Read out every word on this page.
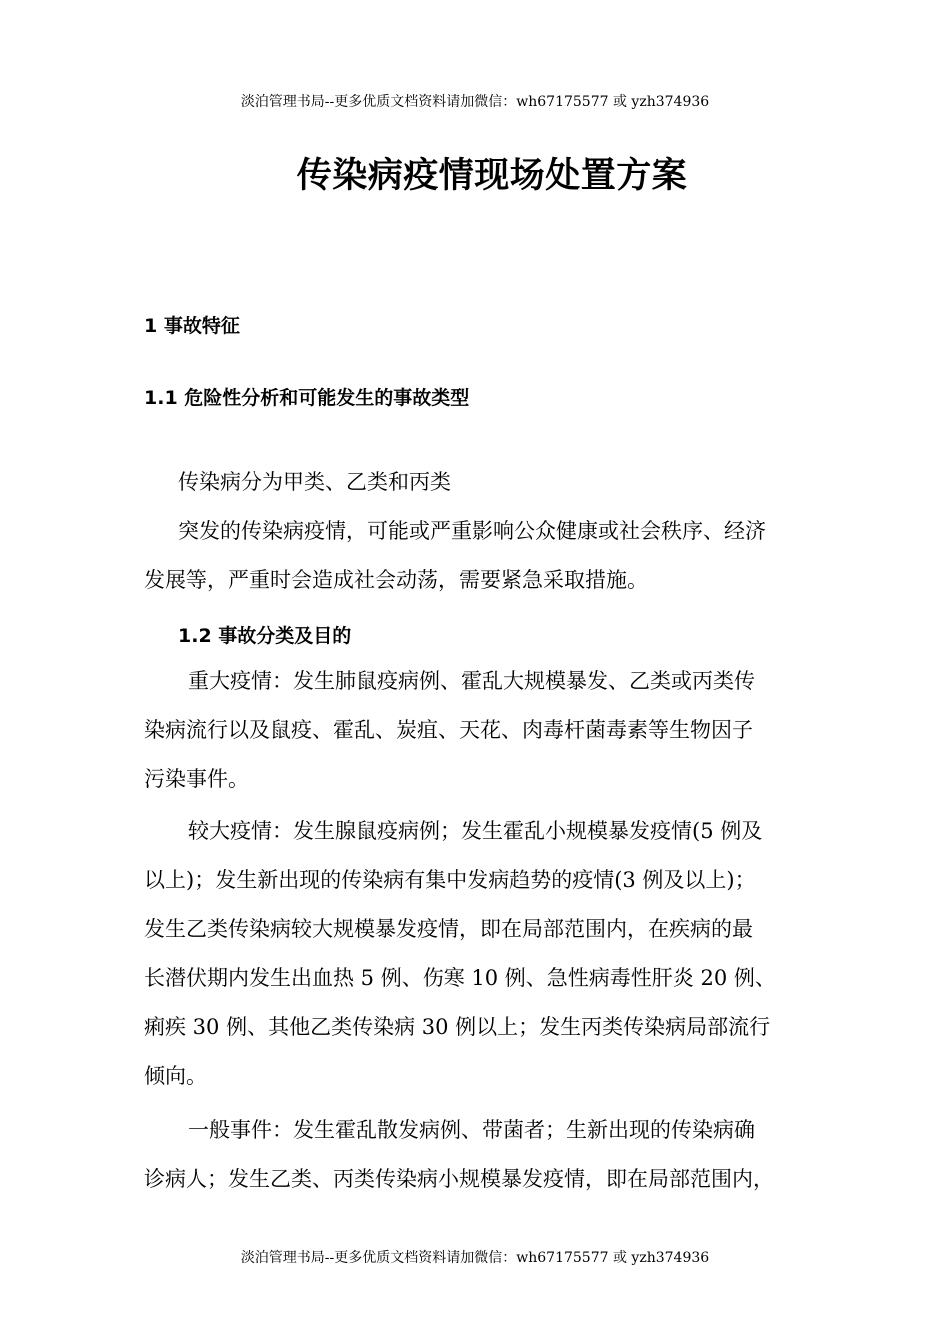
淡泊管理书局--更多优质文档资料请加微信：wh67175577 或 yzh374936
传染病疫情现场处置方案
1 事故特征
1.1 危险性分析和可能发生的事故类型
传染病分为甲类、乙类和丙类
突发的传染病疫情，可能或严重影响公众健康或社会秩序、经济
发展等，严重时会造成社会动荡，需要紧急采取措施。
1.2 事故分类及目的
重大疫情：发生肺鼠疫病例、霍乱大规模暴发、乙类或丙类传
染病流行以及鼠疫、霍乱、炭疽、天花、肉毒杆菌毒素等生物因子
污染事件。
较大疫情：发生腺鼠疫病例；发生霍乱小规模暴发疫情(5 例及
以上)；发生新出现的传染病有集中发病趋势的疫情(3 例及以上)；
发生乙类传染病较大规模暴发疫情，即在局部范围内，在疾病的最
长潜伏期内发生出血热 5 例、伤寒 10 例、急性病毒性肝炎 20 例、
痢疾 30 例、其他乙类传染病 30 例以上；发生丙类传染病局部流行
倾向。
一般事件：发生霍乱散发病例、带菌者；生新出现的传染病确
诊病人；发生乙类、丙类传染病小规模暴发疫情，即在局部范围内，
淡泊管理书局--更多优质文档资料请加微信：wh67175577 或 yzh374936
